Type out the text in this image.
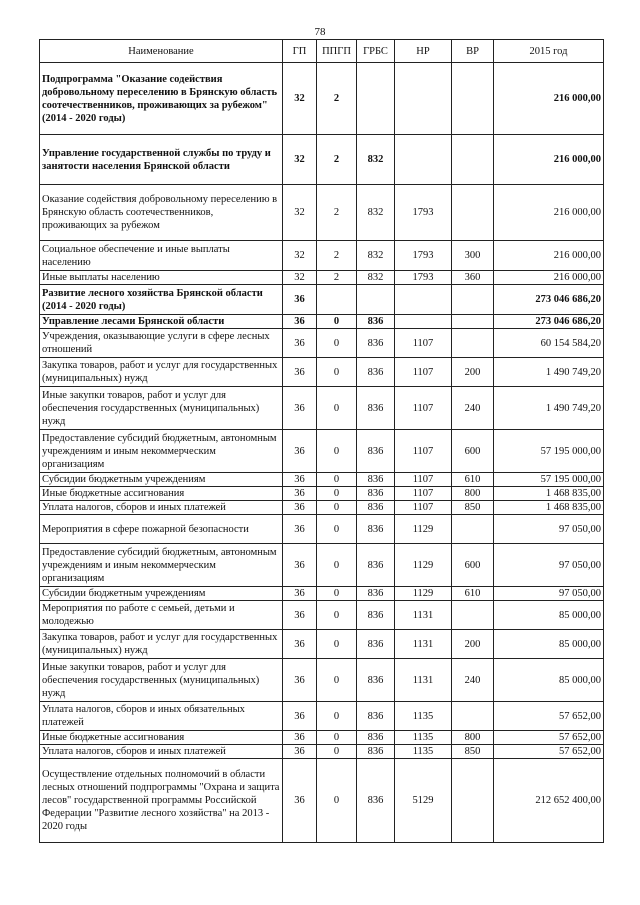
78
Наименование	ГП	ППГП	ГРБС	НР	ВР	2015 год
Подпрограмма "Оказание содействия добровольному переселению в Брянскую область соотечественников, проживающих за рубежом" (2014 - 2020 годы)	32	2				216 000,00
Управление государственной службы по труду и занятости населения Брянской области	32	2	832			216 000,00
Оказание содействия добровольному переселению в Брянскую область соотечественников, проживающих за рубежом	32	2	832	1793		216 000,00
Социальное обеспечение и иные выплаты населению	32	2	832	1793	300	216 000,00
Иные выплаты населению	32	2	832	1793	360	216 000,00
Развитие лесного хозяйства Брянской области (2014 - 2020 годы)	36					273 046 686,20
Управление лесами Брянской области	36	0	836			273 046 686,20
Учреждения, оказывающие услуги в сфере лесных отношений	36	0	836	1107		60 154 584,20
Закупка товаров, работ и услуг для государственных (муниципальных) нужд	36	0	836	1107	200	1 490 749,20
Иные закупки товаров, работ и услуг для обеспечения государственных (муниципальных) нужд	36	0	836	1107	240	1 490 749,20
Предоставление субсидий бюджетным, автономным учреждениям и иным некоммерческим организациям	36	0	836	1107	600	57 195 000,00
Субсидии бюджетным учреждениям	36	0	836	1107	610	57 195 000,00
Иные бюджетные ассигнования	36	0	836	1107	800	1 468 835,00
Уплата налогов, сборов и иных платежей	36	0	836	1107	850	1 468 835,00
Мероприятия в сфере пожарной безопасности	36	0	836	1129		97 050,00
Предоставление субсидий бюджетным, автономным учреждениям и иным некоммерческим организациям	36	0	836	1129	600	97 050,00
Субсидии бюджетным учреждениям	36	0	836	1129	610	97 050,00
Мероприятия по работе с семьей, детьми и молодежью	36	0	836	1131		85 000,00
Закупка товаров, работ и услуг для государственных (муниципальных) нужд	36	0	836	1131	200	85 000,00
Иные закупки товаров, работ и услуг для обеспечения государственных (муниципальных) нужд	36	0	836	1131	240	85 000,00
Уплата налогов, сборов и иных обязательных платежей	36	0	836	1135		57 652,00
Иные бюджетные ассигнования	36	0	836	1135	800	57 652,00
Уплата налогов, сборов и иных платежей	36	0	836	1135	850	57 652,00
Осуществление отдельных полномочий в области лесных отношений подпрограммы "Охрана и защита лесов" государственной программы Российской Федерации "Развитие лесного хозяйства" на 2013 - 2020 годы	36	0	836	5129		212 652 400,00
